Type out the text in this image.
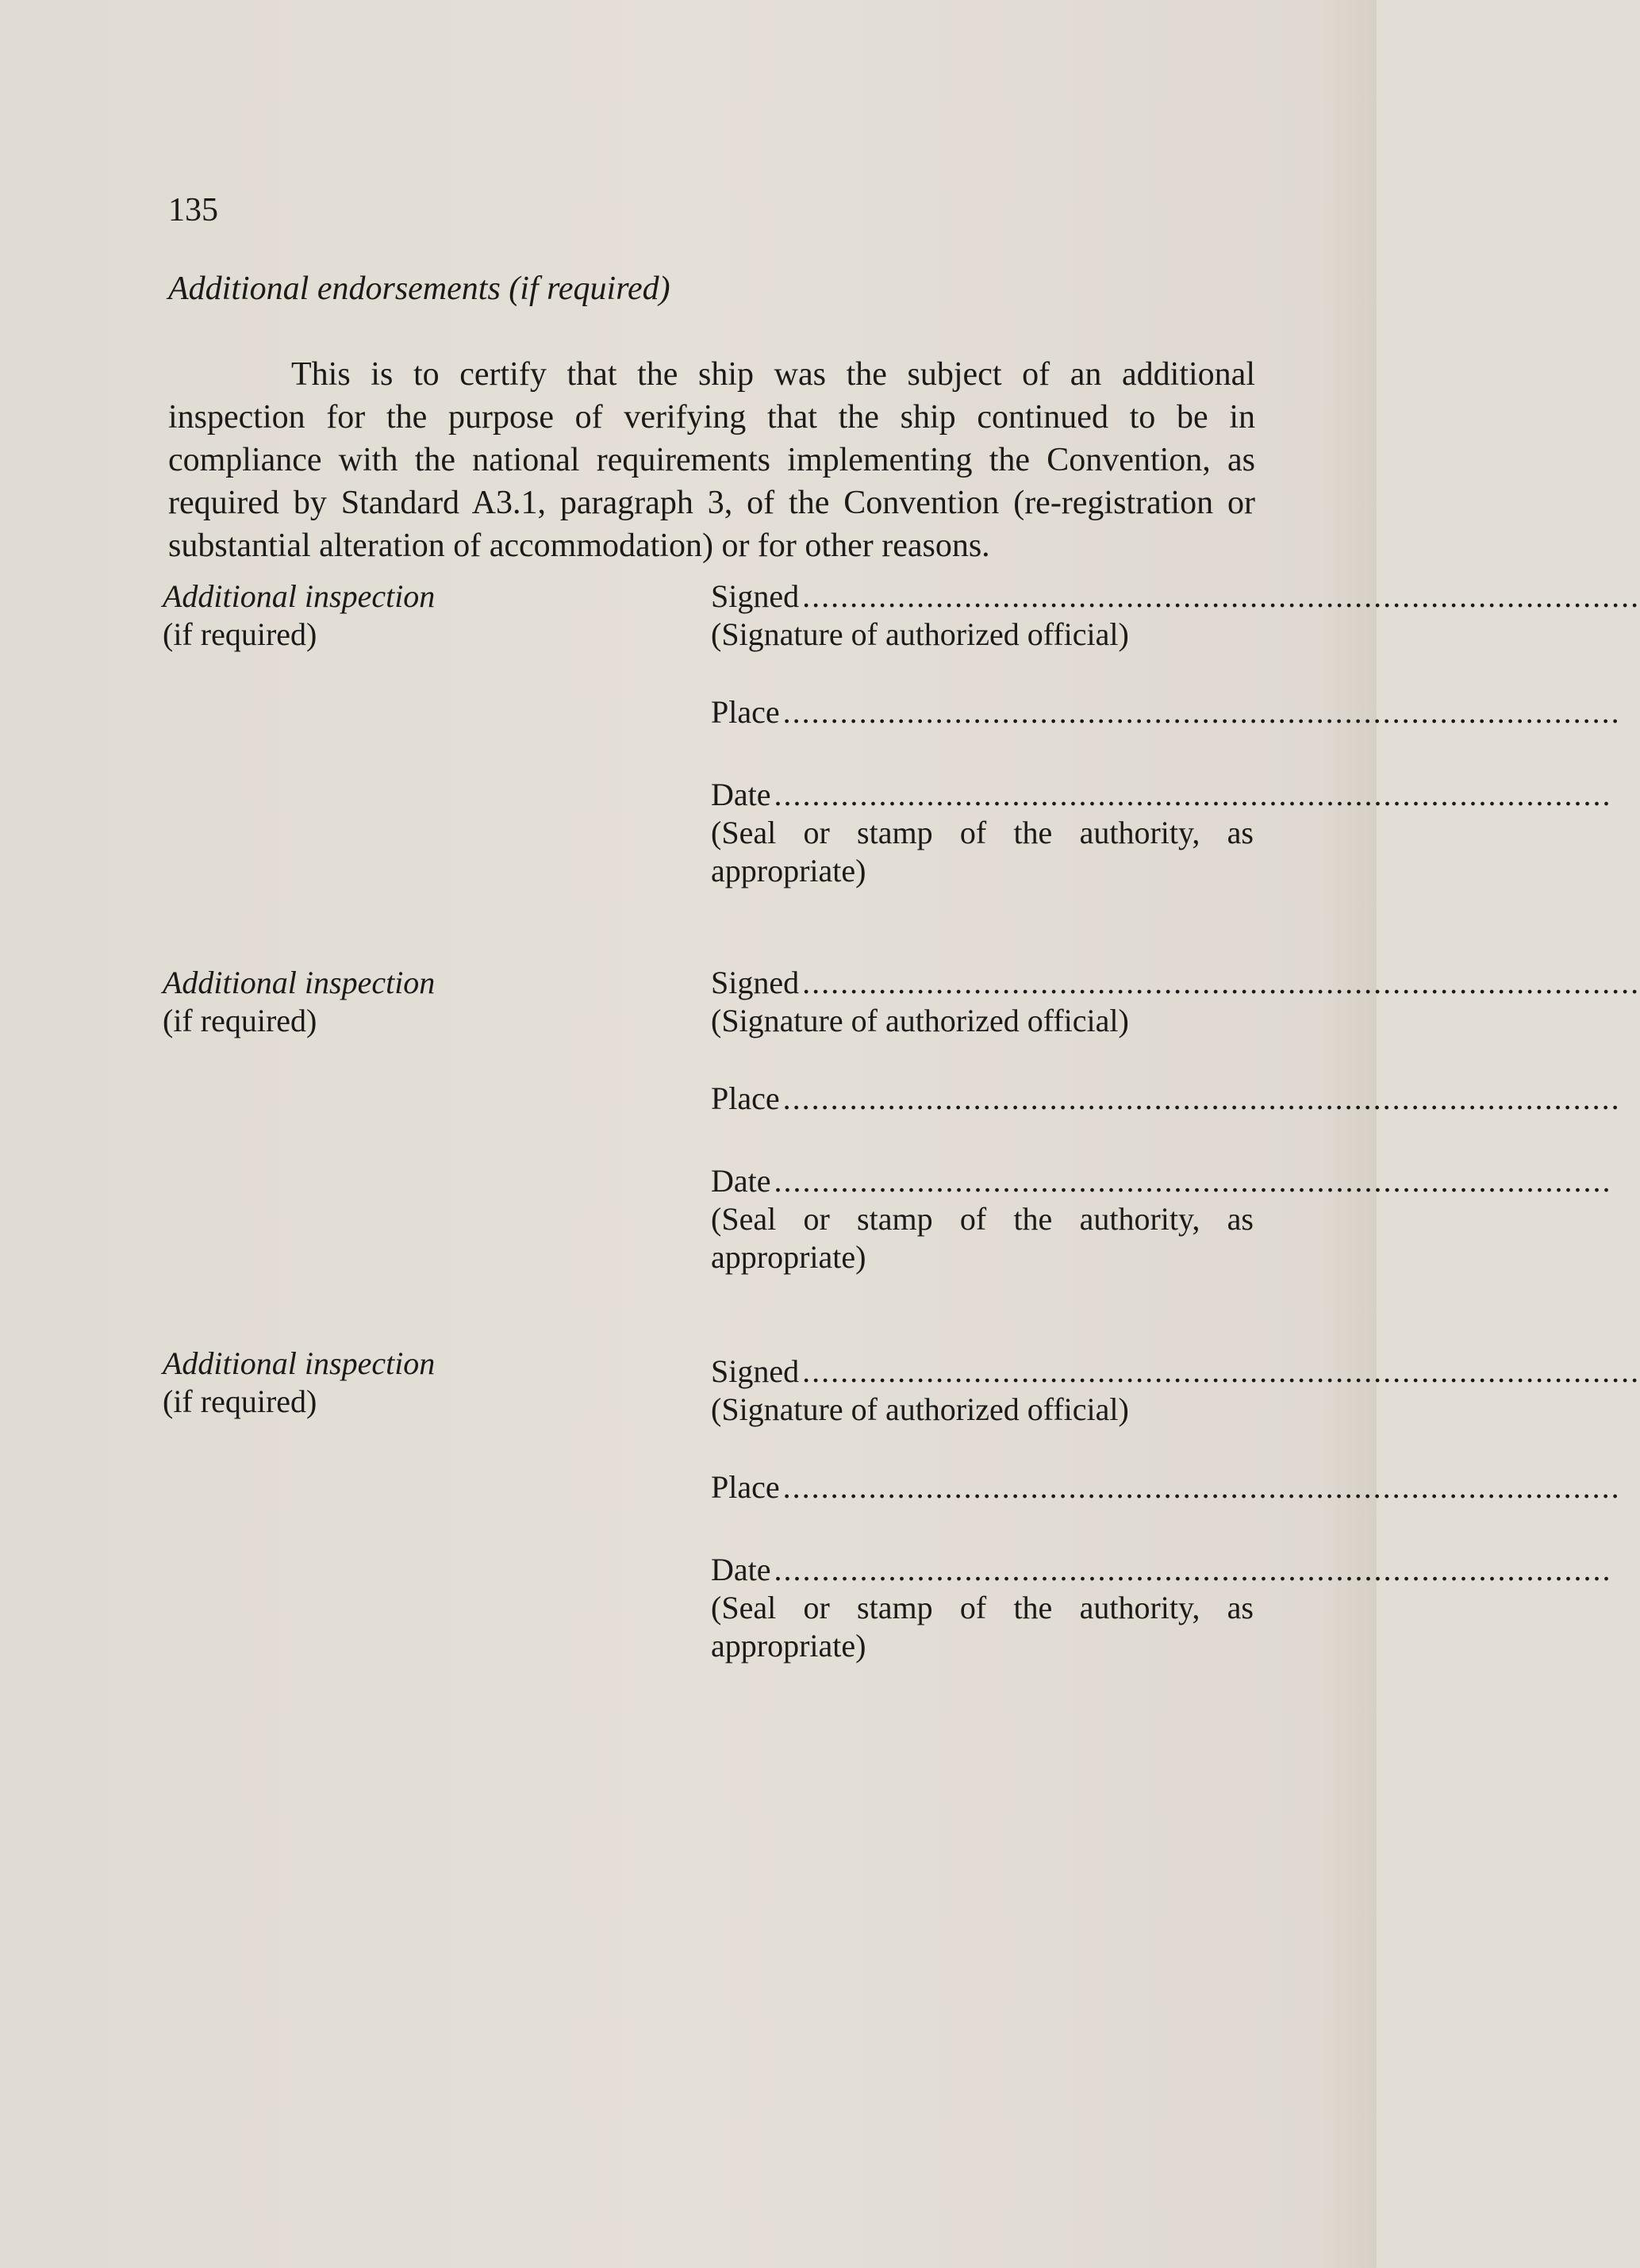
135
Additional endorsements (if required)
This is to certify that the ship was the subject of an additional
inspection for the purpose of verifying that the ship continued to be in
compliance with the national requirements implementing the Convention, as
required by Standard A3.1, paragraph 3, of the Convention (re-registration or
substantial alteration of accommodation) or for other reasons.
Additional inspection
(if required)
Signed ........................................................................................
(Signature of authorized official)
Place ........................................................................................
Date ........................................................................................
(Seal or stamp of the authority, as appropriate)
Additional inspection
(if required)
Signed ........................................................................................
(Signature of authorized official)
Place ........................................................................................
Date ........................................................................................
(Seal or stamp of the authority, as appropriate)
Additional inspection
(if required)
Signed ........................................................................................
(Signature of authorized official)
Place ........................................................................................
Date ........................................................................................
(Seal or stamp of the authority, as appropriate)
